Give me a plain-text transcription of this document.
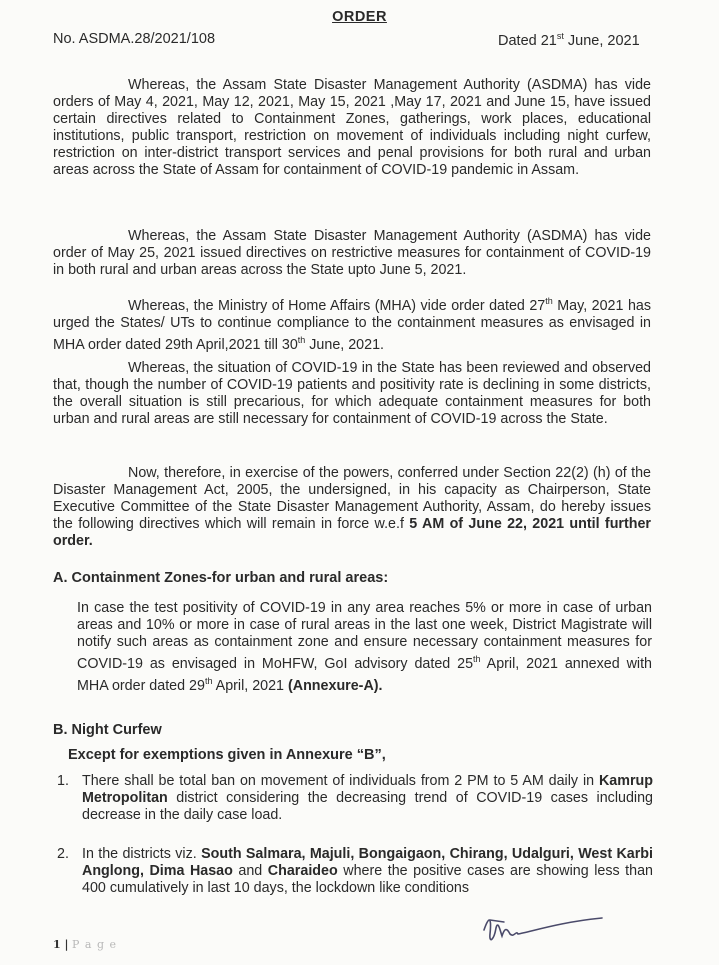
ORDER
No. ASDMA.28/2021/108	Dated 21st June, 2021
Whereas, the Assam State Disaster Management Authority (ASDMA) has vide orders of May 4, 2021, May 12, 2021, May 15, 2021 ,May 17, 2021 and June 15, have issued certain directives related to Containment Zones, gatherings, work places, educational institutions, public transport, restriction on movement of individuals including night curfew, restriction on inter-district transport services and penal provisions for both rural and urban areas across the State of Assam for containment of COVID-19 pandemic in Assam.
Whereas, the Assam State Disaster Management Authority (ASDMA) has vide order of May 25, 2021 issued directives on restrictive measures for containment of COVID-19 in both rural and urban areas across the State upto June 5, 2021.
Whereas, the Ministry of Home Affairs (MHA) vide order dated 27th May, 2021 has urged the States/ UTs to continue compliance to the containment measures as envisaged in MHA order dated 29th April,2021 till 30th June, 2021.
Whereas, the situation of COVID-19 in the State has been reviewed and observed that, though the number of COVID-19 patients and positivity rate is declining in some districts, the overall situation is still precarious, for which adequate containment measures for both urban and rural areas are still necessary for containment of COVID-19 across the State.
Now, therefore, in exercise of the powers, conferred under Section 22(2) (h) of the Disaster Management Act, 2005, the undersigned, in his capacity as Chairperson, State Executive Committee of the State Disaster Management Authority, Assam, do hereby issues the following directives which will remain in force w.e.f 5 AM of June 22, 2021 until further order.
A. Containment Zones-for urban and rural areas:
In case the test positivity of COVID-19 in any area reaches 5% or more in case of urban areas and 10% or more in case of rural areas in the last one week, District Magistrate will notify such areas as containment zone and ensure necessary containment measures for COVID-19 as envisaged in MoHFW, GoI advisory dated 25th April, 2021 annexed with MHA order dated 29th April, 2021 (Annexure-A).
B. Night Curfew
Except for exemptions given in Annexure “B”,
1. There shall be total ban on movement of individuals from 2 PM to 5 AM daily in Kamrup Metropolitan district considering the decreasing trend of COVID-19 cases including decrease in the daily case load.
2. In the districts viz. South Salmara, Majuli, Bongaigaon, Chirang, Udalguri, West Karbi Anglong, Dima Hasao and Charaideo where the positive cases are showing less than 400 cumulatively in last 10 days, the lockdown like conditions
1 | P a g e
